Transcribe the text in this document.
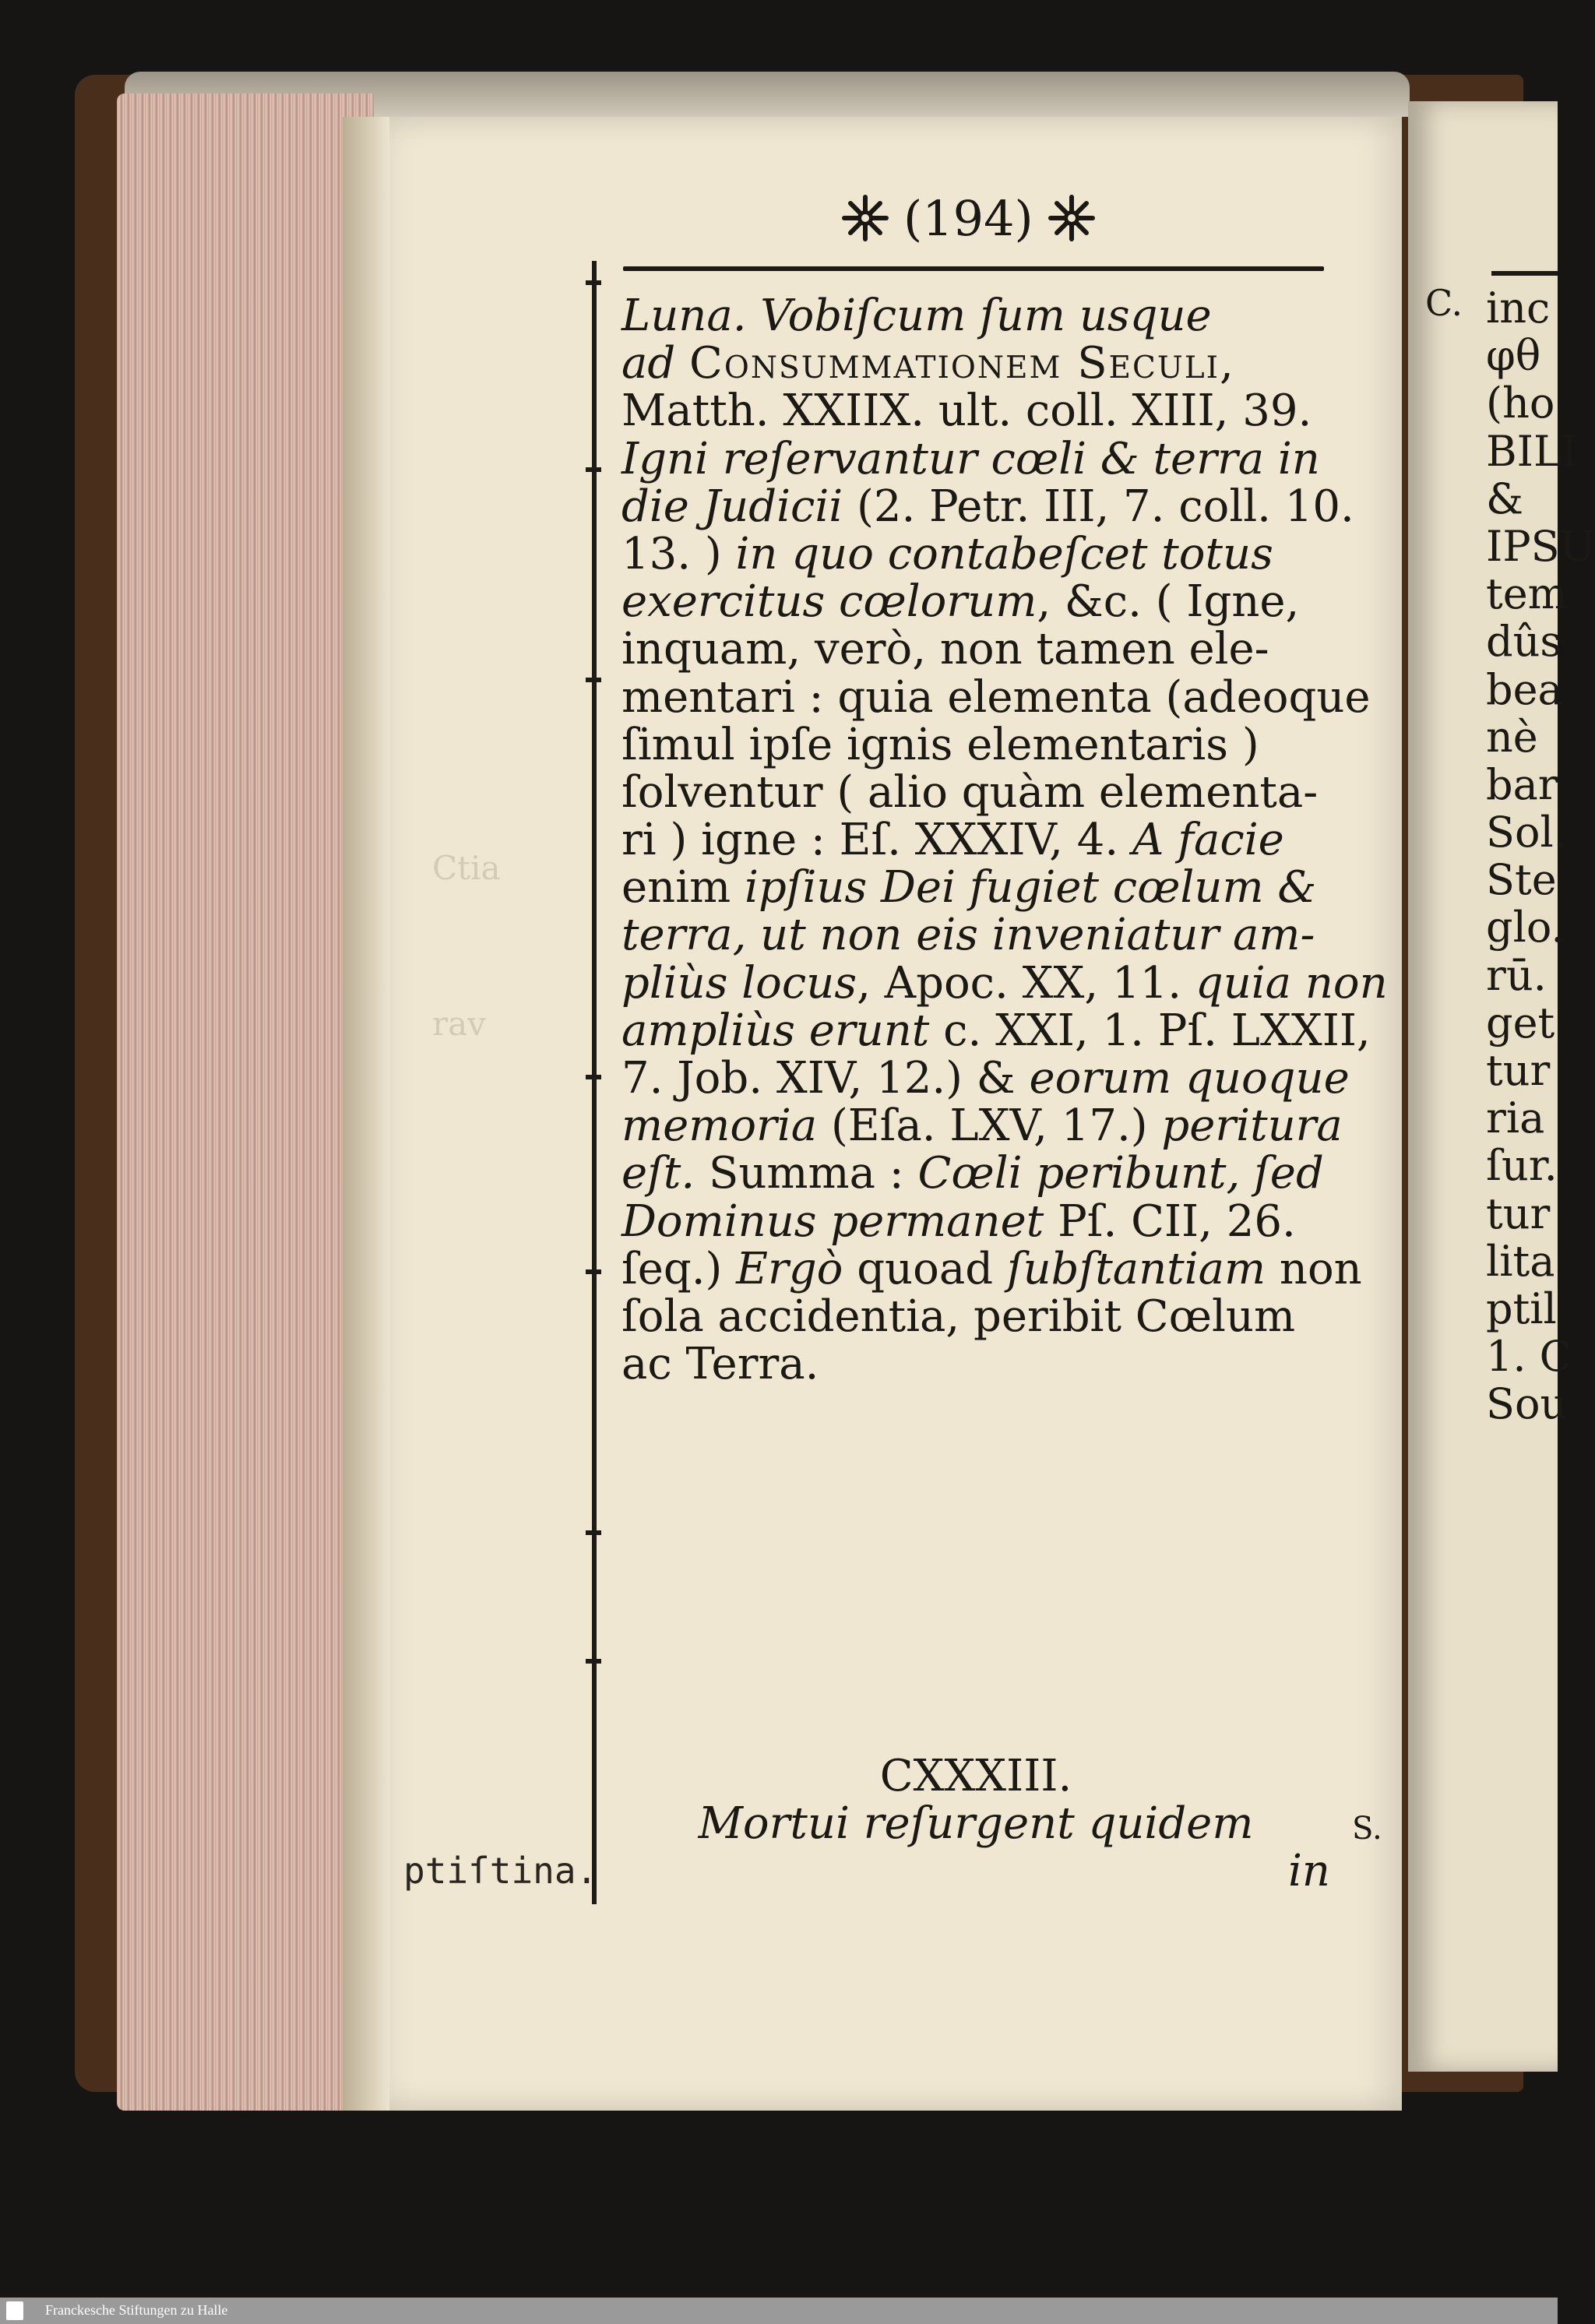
Ctia
rav
(194)
Luna. Vobiſcum ſum usque
ad Consummationem Seculi,
Matth. XXIIX. ult. coll. XIII, 39.
Igni reſervantur cœli & terra in
die Judicii (2. Petr. III, 7. coll. 10.
13. ) in quo contabeſcet totus
exercitus cœlorum, &c. ( Igne,
inquam, verò, non tamen ele-
mentari : quia elementa (adeoque
ſimul ipſe ignis elementaris )
ſolventur ( alio quàm elementa-
ri ) igne : Eſ. XXXIV, 4. A facie
enim ipſius Dei fugiet cœlum &
terra, ut non eis inveniatur am-
pliùs locus, Apoc. XX, 11. quia non
ampliùs erunt c. XXI, 1. Pſ. LXXII,
7. Job. XIV, 12.) & eorum quoque
memoria (Eſa. LXV, 17.) peritura
eſt. Summa : Cœli peribunt, ſed
Dominus permanet Pſ. CII, 26.
ſeq.) Ergò quoad ſubſtantiam non
ſola accidentia, peribit Cœlum
ac Terra.
CXXXIII.
Mortui reſurgent quidem
in
ptiſtina.
C.
S.
inc
φθ
(ho
BILI
&
IPSU
tem
dûs
bea
nè
bar
Sol.
Ste
glo.
rū.
get
tur
ria
ſur.
tur
lita
ptil
1. C
Sou
Franckesche Stiftungen zu Halle
